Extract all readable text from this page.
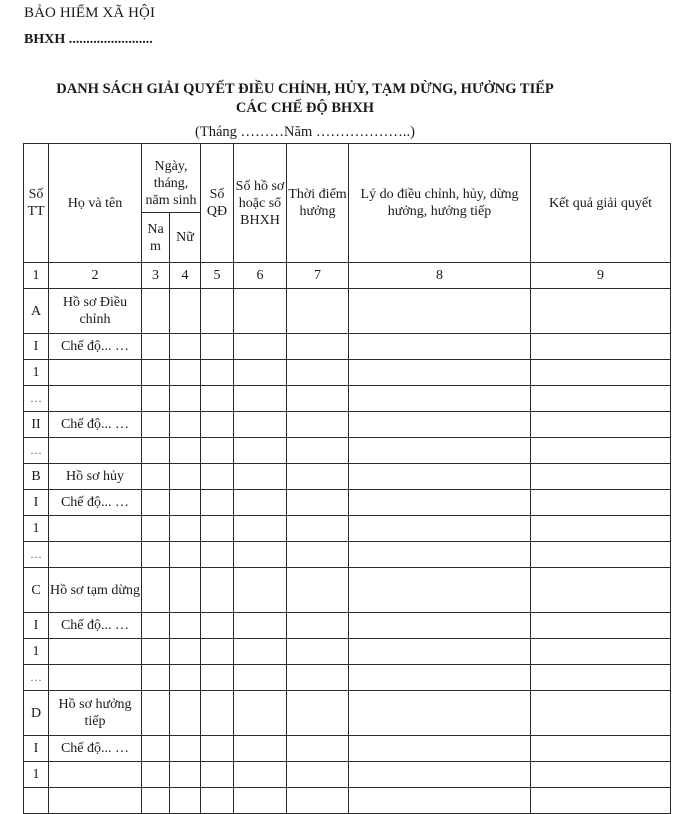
BẢO HIỂM XÃ HỘI
BHXH ........................
DANH SÁCH GIẢI QUYẾT ĐIỀU CHỈNH, HỦY, TẠM DỪNG, HƯỞNG TIẾP
CÁC CHẾ ĐỘ BHXH
(Tháng ………Năm ………………..)
Số TT	Họ và tên	Ngày, tháng, năm sinh		Số QĐ	Số hồ sơ hoặc sổ BHXH	Thời điểm hưởng	Lý do điều chỉnh, hủy, dừng hưởng, hưởng tiếp	Kết quả giải quyết
		Na m	Nữ					
1	2	3	4	5	6	7	8	9
A	Hồ sơ Điều chỉnh							
I	Chế độ... …							
1								
…								
II	Chế độ... …							
…								
B	Hồ sơ hủy							
I	Chế độ... …							
1								
…								
C	Hồ sơ tạm dừng							
I	Chế độ... …							
1								
…								
D	Hồ sơ hưởng tiếp							
I	Chế độ... …							
1								
